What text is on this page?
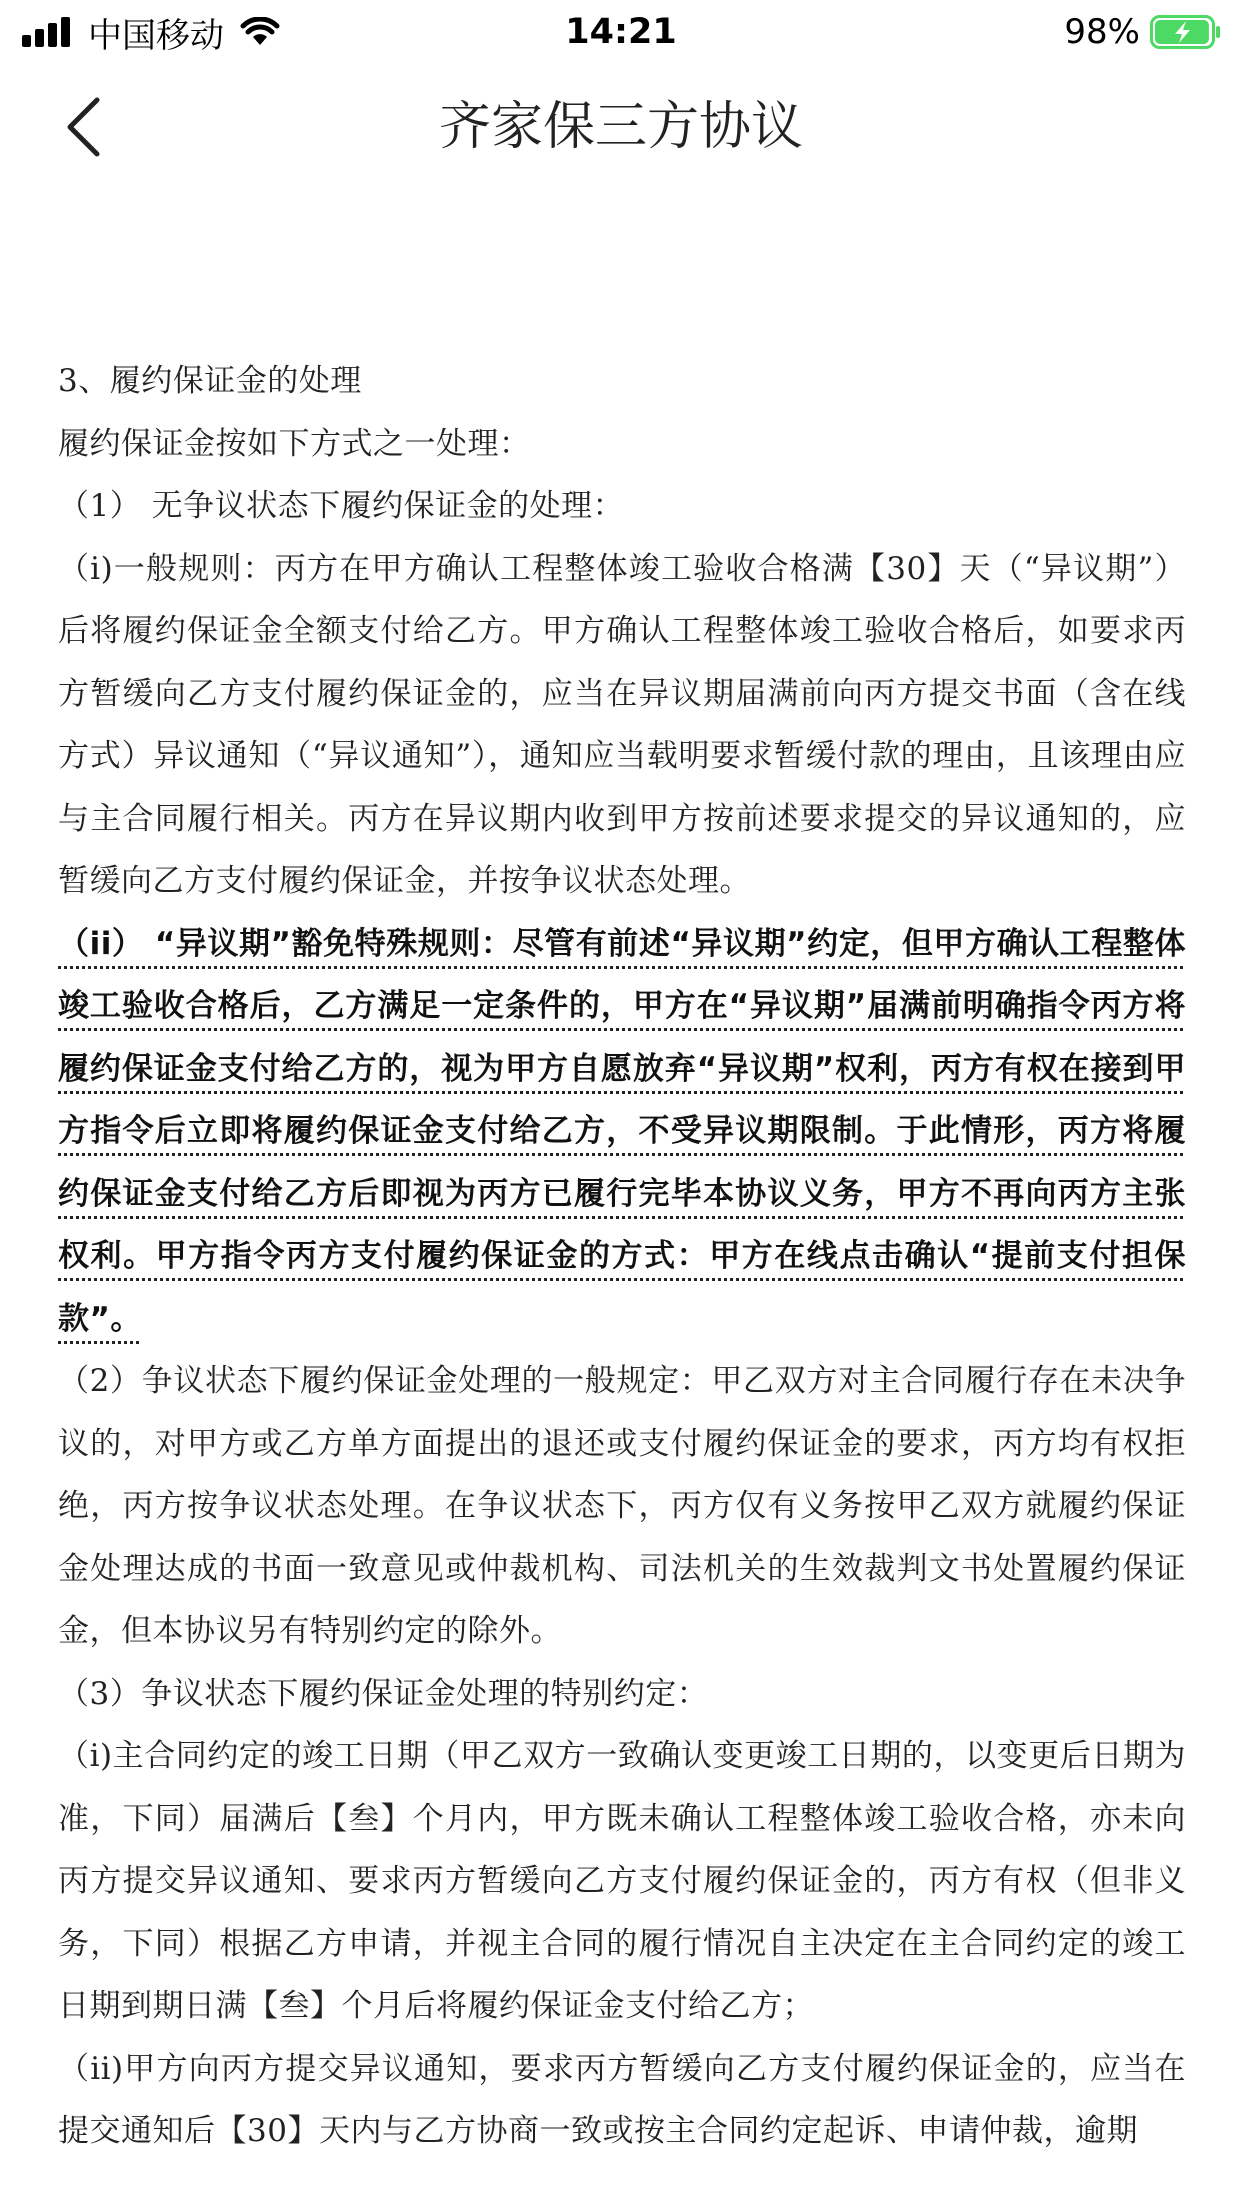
中国移动	14:21	98%
齐家保三方协议

3、履约保证金的处理

履约保证金按如下方式之一处理：

（1） 无争议状态下履约保证金的处理：

（i)一般规则：丙方在甲方确认工程整体竣工验收合格满【30】天（“异议期”）后将履约保证金全额支付给乙方。甲方确认工程整体竣工验收合格后，如要求丙方暂缓向乙方支付履约保证金的，应当在异议期届满前向丙方提交书面（含在线方式）异议通知（“异议通知”），通知应当载明要求暂缓付款的理由，且该理由应与主合同履行相关。丙方在异议期内收到甲方按前述要求提交的异议通知的，应暂缓向乙方支付履约保证金，并按争议状态处理。

（ii） “异议期”豁免特殊规则：尽管有前述“异议期”约定，但甲方确认工程整体竣工验收合格后，乙方满足一定条件的，甲方在“异议期”届满前明确指令丙方将履约保证金支付给乙方的，视为甲方自愿放弃“异议期”权利，丙方有权在接到甲方指令后立即将履约保证金支付给乙方，不受异议期限制。于此情形，丙方将履约保证金支付给乙方后即视为丙方已履行完毕本协议义务，甲方不再向丙方主张权利。甲方指令丙方支付履约保证金的方式：甲方在线点击确认“提前支付担保款”。

（2）争议状态下履约保证金处理的一般规定：甲乙双方对主合同履行存在未决争议的，对甲方或乙方单方面提出的退还或支付履约保证金的要求，丙方均有权拒绝，丙方按争议状态处理。在争议状态下，丙方仅有义务按甲乙双方就履约保证金处理达成的书面一致意见或仲裁机构、司法机关的生效裁判文书处置履约保证金，但本协议另有特别约定的除外。

（3）争议状态下履约保证金处理的特别约定：

（i)主合同约定的竣工日期（甲乙双方一致确认变更竣工日期的，以变更后日期为准，下同）届满后【叁】个月内，甲方既未确认工程整体竣工验收合格，亦未向丙方提交异议通知、要求丙方暂缓向乙方支付履约保证金的，丙方有权（但非义务，下同）根据乙方申请，并视主合同的履行情况自主决定在主合同约定的竣工日期到期日满【叁】个月后将履约保证金支付给乙方；

（ii)甲方向丙方提交异议通知，要求丙方暂缓向乙方支付履约保证金的，应当在提交通知后【30】天内与乙方协商一致或按主合同约定起诉、申请仲裁，逾期
